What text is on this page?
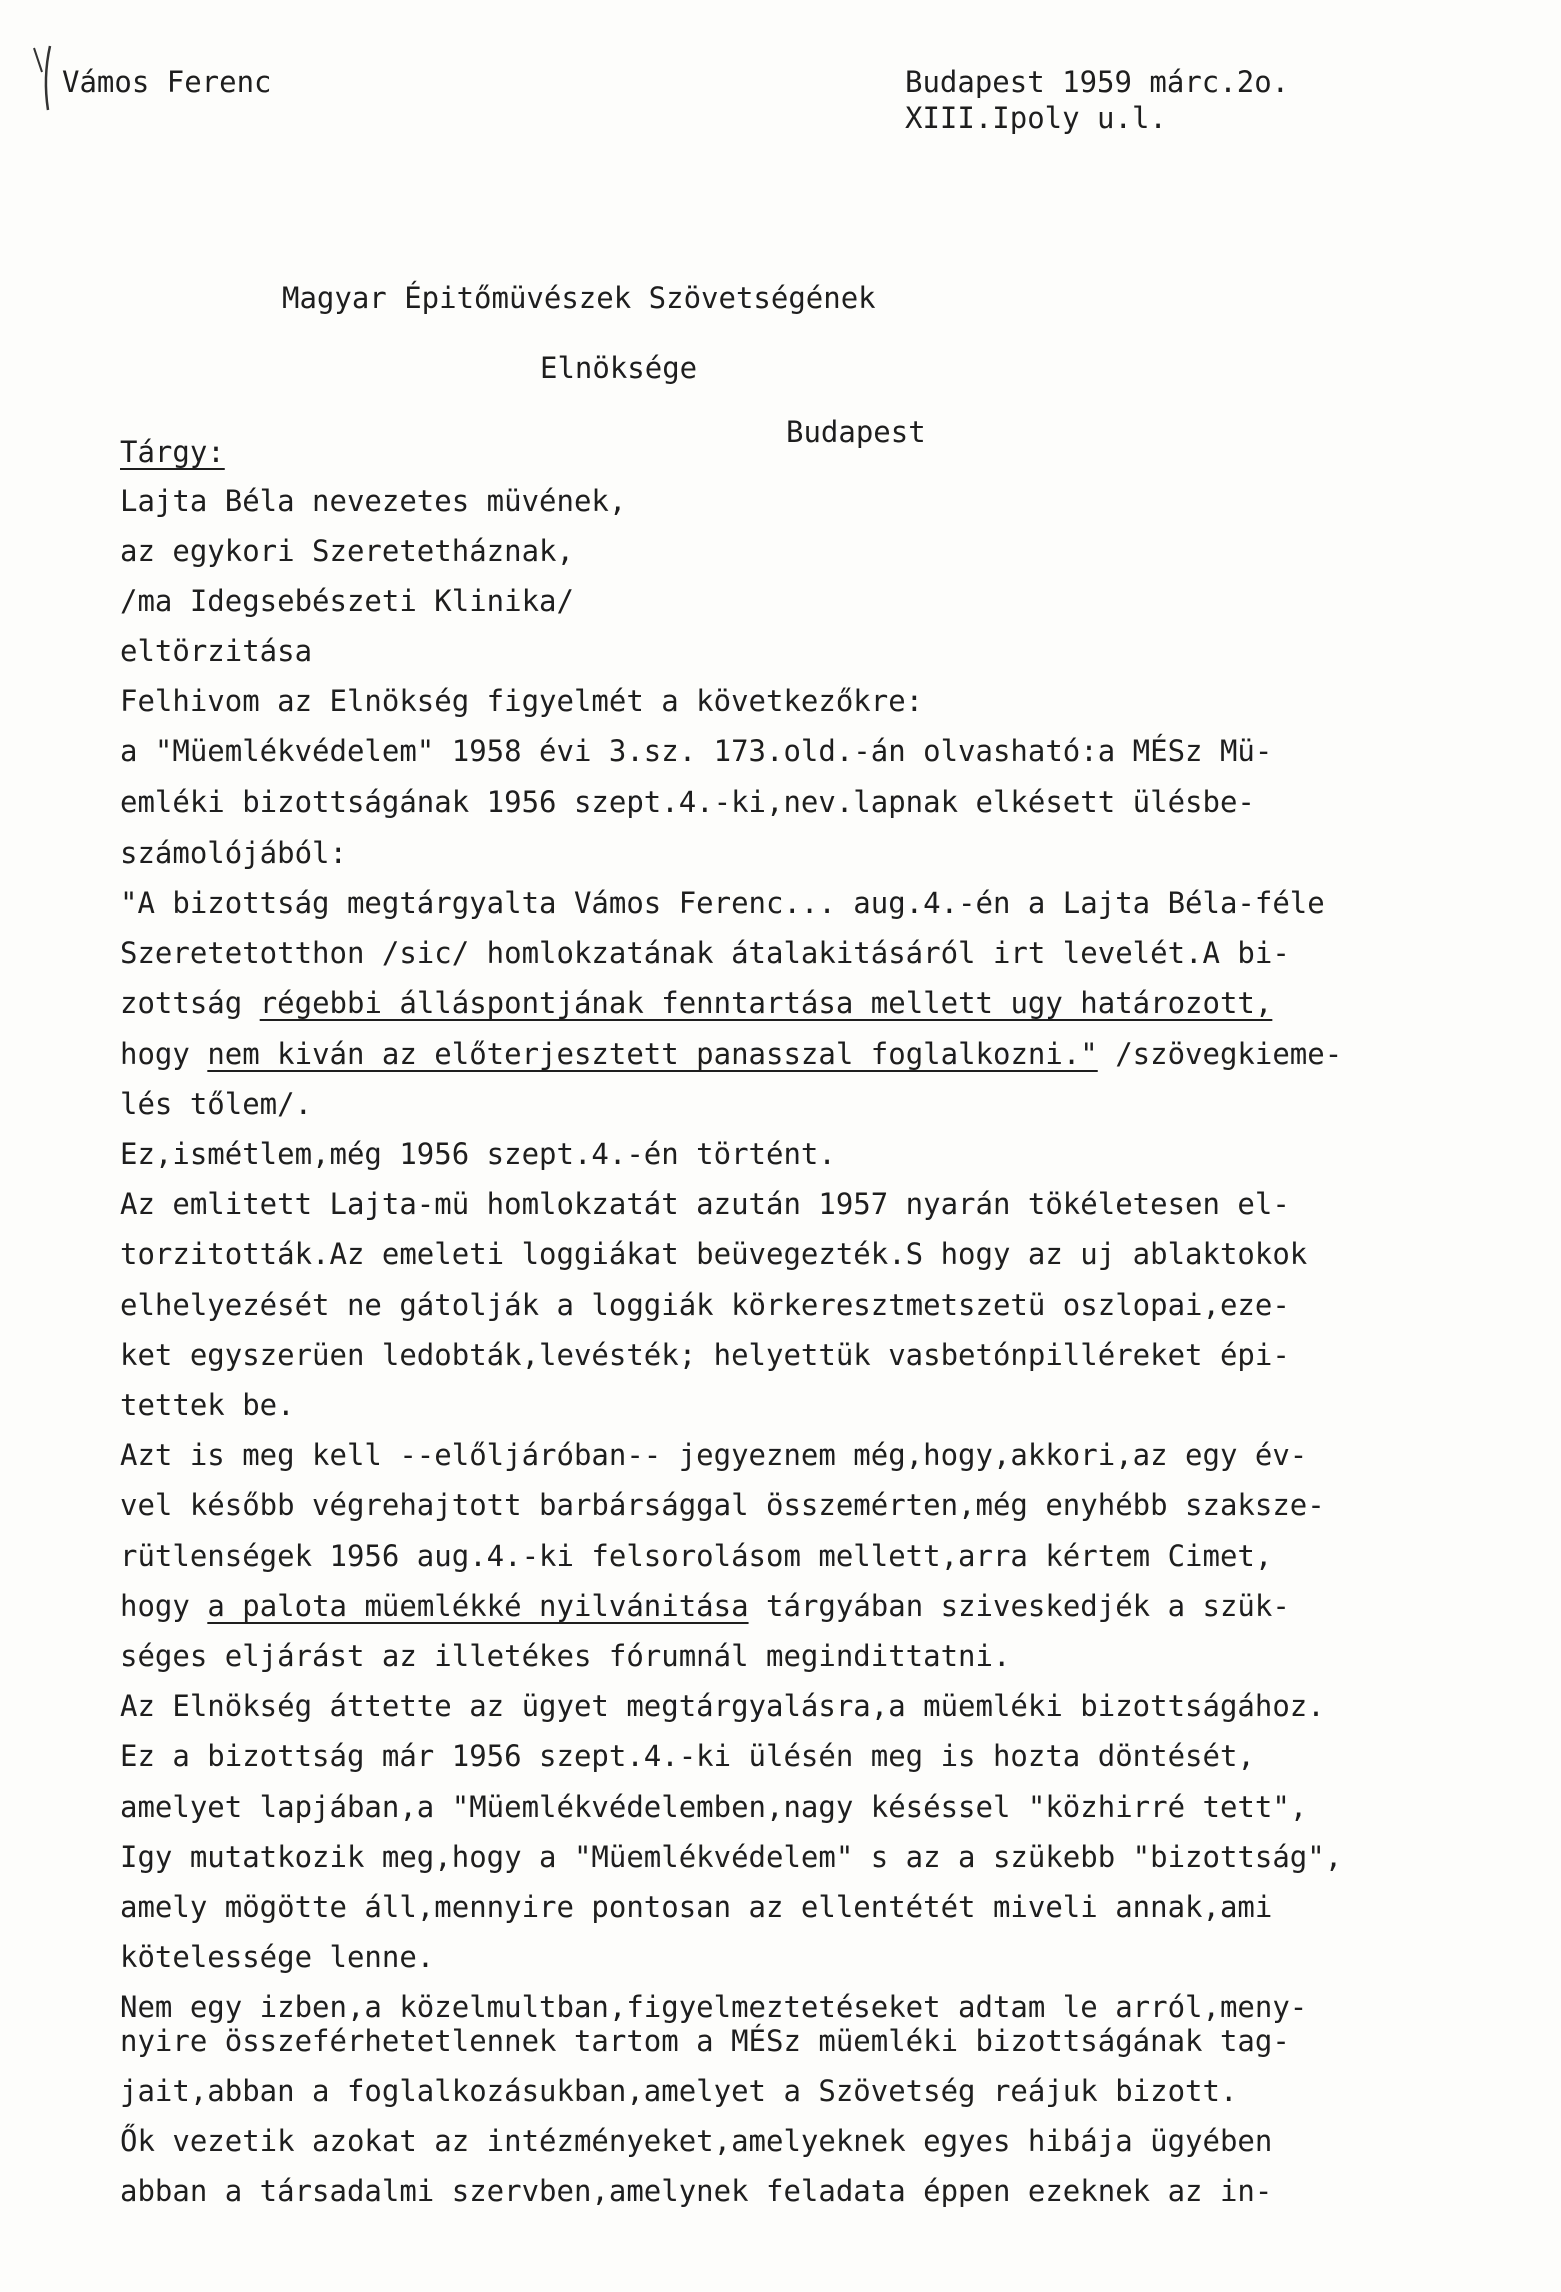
Vámos Ferenc	Budapest 1959 márc.2o.
XIII.Ipoly u.l.
Magyar Épitőmüvészek Szövetségének
Elnöksége
Budapest
Tárgy:

Lajta Béla nevezetes müvének,

az egykori Szeretetháznak,

/ma Idegsebészeti Klinika/

eltörzitása

Felhivom az Elnökség figyelmét a következőkre:

a "Müemlékvédelem" 1958 évi 3.sz. 173.old.-án olvasható:a MÉSz Mü-

emléki bizottságának 1956 szept.4.-ki,nev.lapnak elkésett ülésbe-

számolójából:

"A bizottság megtárgyalta Vámos Ferenc... aug.4.-én a Lajta Béla-féle

Szeretetotthon /sic/ homlokzatának átalakitásáról irt levelét.A bi-

zottság régebbi álláspontjának fenntartása mellett ugy határozott,

hogy nem kiván az előterjesztett panasszal foglalkozni." /szövegkieme-

lés tőlem/.

Ez,ismétlem,még 1956 szept.4.-én történt.

Az emlitett Lajta-mü homlokzatát azután 1957 nyarán tökéletesen el-

torzitották.Az emeleti loggiákat beüvegezték.S hogy az uj ablaktokok

elhelyezését ne gátolják a loggiák körkeresztmetszetü oszlopai,eze-

ket egyszerüen ledobták,levésték; helyettük vasbetónpilléreket épi-

tettek be.

Azt is meg kell --előljáróban-- jegyeznem még,hogy,akkori,az egy év-

vel később végrehajtott barbársággal összemérten,még enyhébb szakszе-

rütlenségek 1956 aug.4.-ki felsorolásom mellett,arra kértem Cimet,

hogy a palota müemlékké nyilvánitása tárgyában sziveskedjék a szük-

séges eljárást az illetékes fórumnál megindittatni.

Az Elnökség áttette az ügyet megtárgyalásra,a müemléki bizottságához.

Ez a bizottság már 1956 szept.4.-ki ülésén meg is hozta döntését,

amelyet lapjában,a "Müemlékvédelemben,nagy késéssel "közhirré tett",

Igy mutatkozik meg,hogy a "Müemlékvédelem" s az a szükebb "bizottság",

amely mögötte áll,mennyire pontosan az ellentétét miveli annak,ami

kötelessége lenne.

Nem egy izben,a közelmultban,figyelmeztetéseket adtam le arról,meny-

nyire összeférhetetlennek tartom a MÉSz müemléki bizottságának tag-

jait,abban a foglalkozásukban,amelyet a Szövetség reájuk bizott.

Ők vezetik azokat az intézményeket,amelyeknek egyes hibája ügyében

abban a társadalmi szervben,amelynek feladata éppen ezeknek az in-
